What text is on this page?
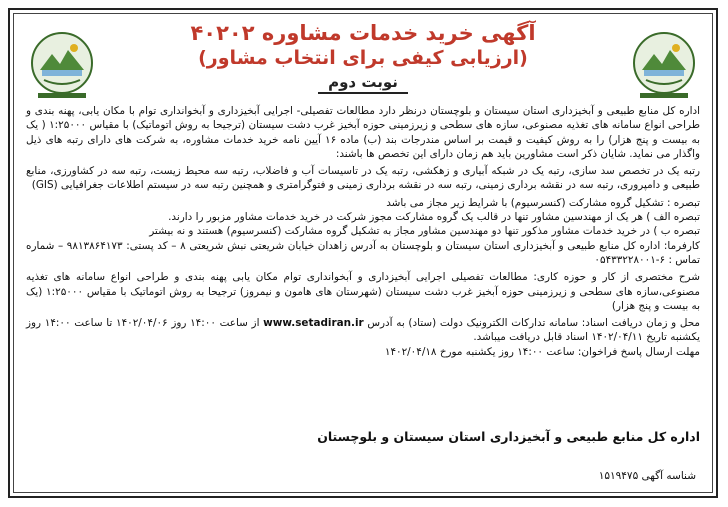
آگهی خرید خدمات مشاوره ۴۰۲۰۲
(ارزیابی کیفی برای انتخاب مشاور)
نوبت دوم

اداره کل منابع طبیعی و آبخیزداری استان سیستان و بلوچستان درنظر دارد مطالعات تفصیلی- اجرایی آبخیزداری و آبخوانداری توام با مکان یابی، پهنه بندی و طراحی انواع سامانه های تغذیه مصنوعی، سازه های سطحی و زیرزمینی حوزه آبخیز غرب دشت سیستان (ترجیحا به روش اتوماتیک) با مقیاس ۱:۲۵۰۰۰ ( یک به بیست و پنج هزار) را به روش کیفیت و قیمت بر اساس مندرجات بند (ب) ماده ۱۶ آیین نامه خرید خدمات مشاوره، به شرکت های دارای رتبه های ذیل واگذار می نماید. شایان ذکر است مشاورین باید هم زمان دارای این تخصص ها باشند:

رتبه یک در تخصص سد سازی، رتبه یک در شبکه آبیاری و زهکشی، رتبه یک در تاسیسات آب و فاضلاب، رتبه سه محیط زیست، رتبه سه در کشاورزی، منابع طبیعی و دامپروری، رتبه سه در نقشه برداری زمینی، رتبه سه در نقشه برداری زمینی و فتوگرامتری و همچنین رتبه سه در سیستم اطلاعات جغرافیایی (GIS)

تبصره : تشکیل گروه مشارکت (کنسرسیوم) با شرایط زیر مجاز می باشد

تبصره الف ) هر یک از مهندسین مشاور تنها در قالب یک گروه مشارکت مجوز شرکت در خرید خدمات مشاور مزبور را دارند.

تبصره ب ) در خرید خدمات مشاور مذکور تنها دو مهندسین مشاور مجاز به تشکیل گروه مشارکت (کنسرسیوم) هستند و نه بیشتر

کارفرما: اداره کل منابع طبیعی و آبخیزداری استان سیستان و بلوچستان به آدرس زاهدان خیابان شریعتی نبش شریعتی ۸ – کد پستی: ۹۸۱۳۸۶۴۱۷۳ – شماره تماس : ۶-۰۵۴۳۳۲۲۸۰۰۱

شرح مختصری از کار و حوزه کاری: مطالعات تفصیلی اجرایی آبخیزداری و آبخوانداری توام مکان یابی پهنه بندی و طراحی انواع سامانه های تغذیه مصنوعی،سازه های سطحی و زیرزمینی حوزه آبخیز غرب دشت سیستان (شهرستان های هامون و نیمروز) ترجیحا به روش اتوماتیک با مقیاس ۱:۲۵۰۰۰ (یک به بیست و پنج هزار)

محل و زمان دریافت اسناد: سامانه تدارکات الکترونیک دولت (ستاد) به آدرس www.setadiran.ir از ساعت ۱۴:۰۰ روز ۱۴۰۲/۰۴/۰۶ تا ساعت ۱۴:۰۰ روز یکشنبه تاریخ ۱۴۰۲/۰۴/۱۱ اسناد قابل دریافت میباشد.

مهلت ارسال پاسخ فراخوان: ساعت ۱۴:۰۰ روز یکشنبه مورخ ۱۴۰۲/۰۴/۱۸

اداره کل منابع طبیعی و آبخیزداری استان سیستان و بلوچستان
شناسه آگهی ۱۵۱۹۴۷۵
